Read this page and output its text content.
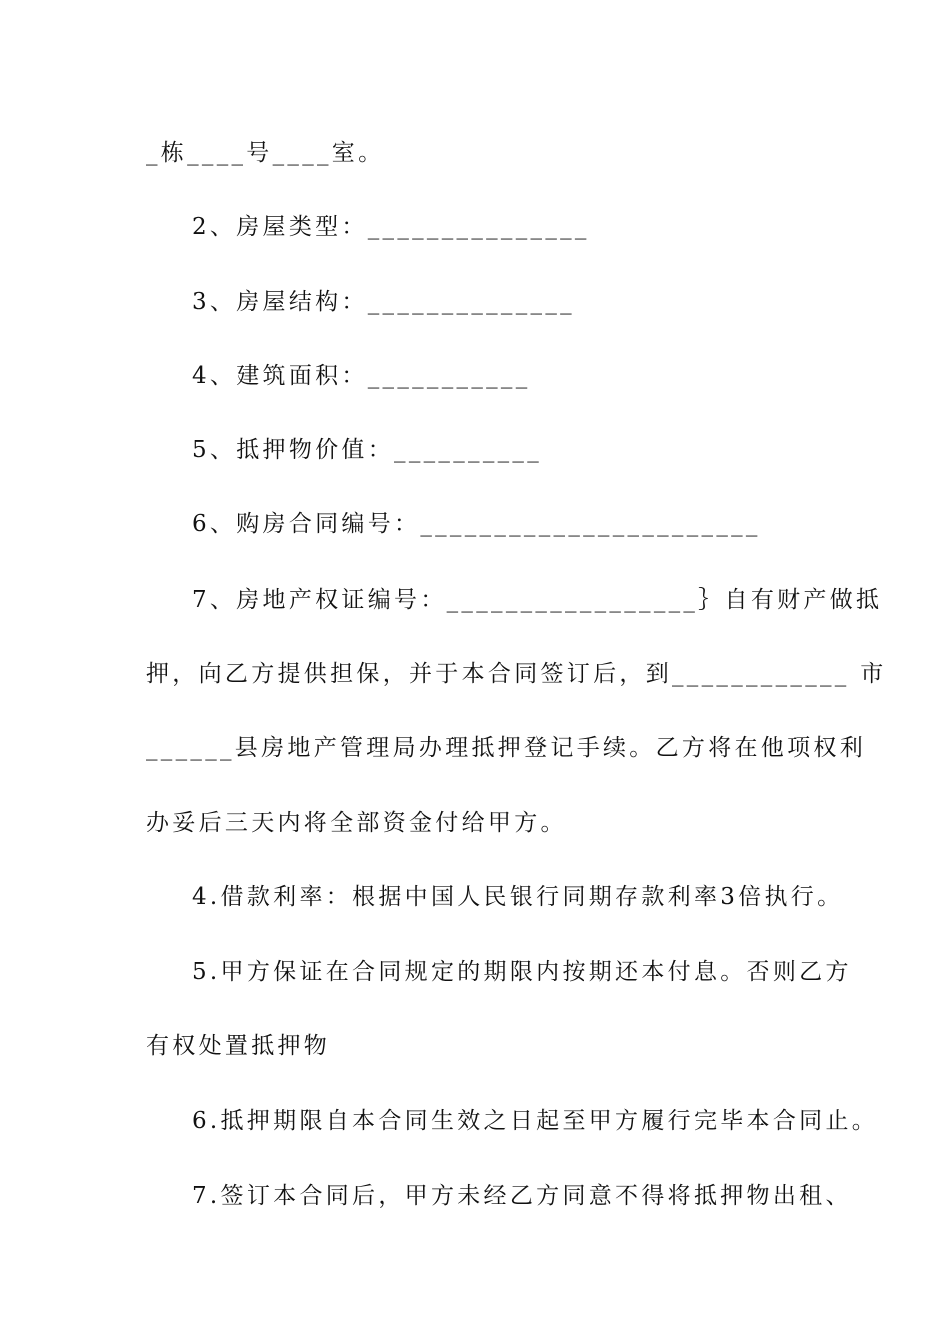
_栋____号____室。
2、房屋类型：_______________
3、房屋结构：______________
4、建筑面积：___________
5、抵押物价值：__________
6、购房合同编号：_______________________
7、房地产权证编号：_________________｝自有财产做抵
押，向乙方提供担保，并于本合同签订后，到____________ 市
______县房地产管理局办理抵押登记手续。乙方将在他项权利
办妥后三天内将全部资金付给甲方。
4.借款利率：根据中国人民银行同期存款利率3倍执行。
5.甲方保证在合同规定的期限内按期还本付息。否则乙方
有权处置抵押物
6.抵押期限自本合同生效之日起至甲方履行完毕本合同止。
7.签订本合同后，甲方未经乙方同意不得将抵押物出租、
